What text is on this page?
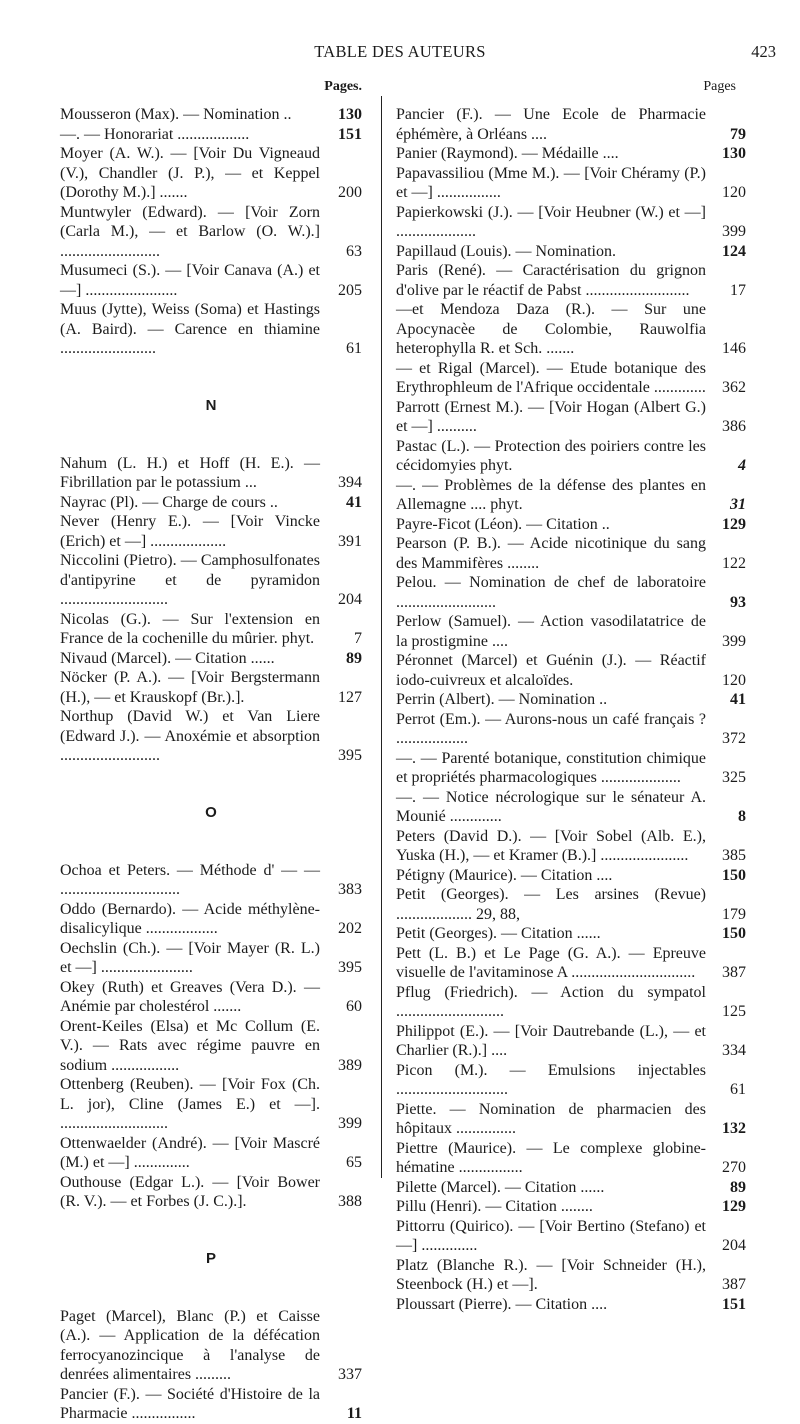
TABLE DES AUTEURS	423
Pages.
Mousseron (Max). — Nomination ..	130
—. — Honorariat ..................	151
Moyer (A. W.). — [Voir Du Vigneaud (V.), Chandler (J. P.), — et Keppel (Dorothy M.).] .......	200
Muntwyler (Edward). — [Voir Zorn (Carla M.), — et Barlow (O. W.).] .........................	63
Musumeci (S.). — [Voir Canava (A.) et —] .......................	205
Muus (Jytte), Weiss (Soma) et Hastings (A. Baird). — Carence en thiamine ........................	61
N
Nahum (L. H.) et Hoff (H. E.). — Fibrillation par le potassium ...	394
Nayrac (Pl). — Charge de cours ..	41
Never (Henry E.). — [Voir Vincke (Erich) et —] ...................	391
Niccolini (Pietro). — Camphosulfonates d'antipyrine et de pyramidon ...........................	204
Nicolas (G.). — Sur l'extension en France de la cochenille du mûrier. phyt.	7
Nivaud (Marcel). — Citation ......	89
Nöcker (P. A.). — [Voir Bergstermann (H.), — et Krauskopf (Br.).].	127
Northup (David W.) et Van Liere (Edward J.). — Anoxémie et absorption .........................	395
O
Ochoa et Peters. — Méthode d' — — ..............................	383
Oddo (Bernardo). — Acide méthylène-disalicylique ..................	202
Oechslin (Ch.). — [Voir Mayer (R. L.) et —] .......................	395
Okey (Ruth) et Greaves (Vera D.). — Anémie par cholestérol .......	60
Orent-Keiles (Elsa) et Mc Collum (E. V.). — Rats avec régime pauvre en sodium .................	389
Ottenberg (Reuben). — [Voir Fox (Ch. L. jor), Cline (James E.) et —]. ...........................	399
Ottenwaelder (André). — [Voir Mascré (M.) et —] ..............	65
Outhouse (Edgar L.). — [Voir Bower (R. V.). — et Forbes (J. C.).].	388
P
Paget (Marcel), Blanc (P.) et Caisse (A.). — Application de la défécation ferrocyanozincique à l'analyse de denrées alimentaires .........	337
Pancier (F.). — Société d'Histoire de la Pharmacie ................	11
Pages
Pancier (F.). — Une Ecole de Pharmacie éphémère, à Orléans ....	79
Panier (Raymond). — Médaille ....	130
Papavassiliou (Mme M.). — [Voir Chéramy (P.) et —] ................	120
Papierkowski (J.). — [Voir Heubner (W.) et —] ....................	399
Papillaud (Louis). — Nomination.	124
Paris (René). — Caractérisation du grignon d'olive par le réactif de Pabst ..........................	17
—et Mendoza Daza (R.). — Sur une Apocynacèe de Colombie, Rauwolfia heterophylla R. et Sch. .......	146
— et Rigal (Marcel). — Etude botanique des Erythrophleum de l'Afrique occidentale .............	362
Parrott (Ernest M.). — [Voir Hogan (Albert G.) et —] ..........	386
Pastac (L.). — Protection des poiriers contre les cécidomyies phyt.	4
—. — Problèmes de la défense des plantes en Allemagne .... phyt.	31
Payre-Ficot (Léon). — Citation ..	129
Pearson (P. B.). — Acide nicotinique du sang des Mammifères ........	122
Pelou. — Nomination de chef de laboratoire .........................	93
Perlow (Samuel). — Action vasodilatatrice de la prostigmine ....	399
Péronnet (Marcel) et Guénin (J.). — Réactif iodo-cuivreux et alcaloïdes.	120
Perrin (Albert). — Nomination ..	41
Perrot (Em.). — Aurons-nous un café français ? ..................	372
—. — Parenté botanique, constitution chimique et propriétés pharmacologiques ....................	325
—. — Notice nécrologique sur le sénateur A. Mounié .............	8
Peters (David D.). — [Voir Sobel (Alb. E.), Yuska (H.), — et Kramer (B.).] ......................	385
Pétigny (Maurice). — Citation ....	150
Petit (Georges). — Les arsines (Revue) ................... 29, 88,	179
Petit (Georges). — Citation ......	150
Pett (L. B.) et Le Page (G. A.). — Epreuve visuelle de l'avitaminose A ...............................	387
Pflug (Friedrich). — Action du sympatol ...........................	125
Philippot (E.). — [Voir Dautrebande (L.), — et Charlier (R.).] ....	334
Picon (M.). — Emulsions injectables ............................	61
Piette. — Nomination de pharmacien des hôpitaux ...............	132
Piettre (Maurice). — Le complexe globine-hématine ................	270
Pilette (Marcel). — Citation ......	89
Pillu (Henri). — Citation ........	129
Pittorru (Quirico). — [Voir Bertino (Stefano) et —] ..............	204
Platz (Blanche R.). — [Voir Schneider (H.), Steenbock (H.) et —].	387
Ploussart (Pierre). — Citation ....	151
